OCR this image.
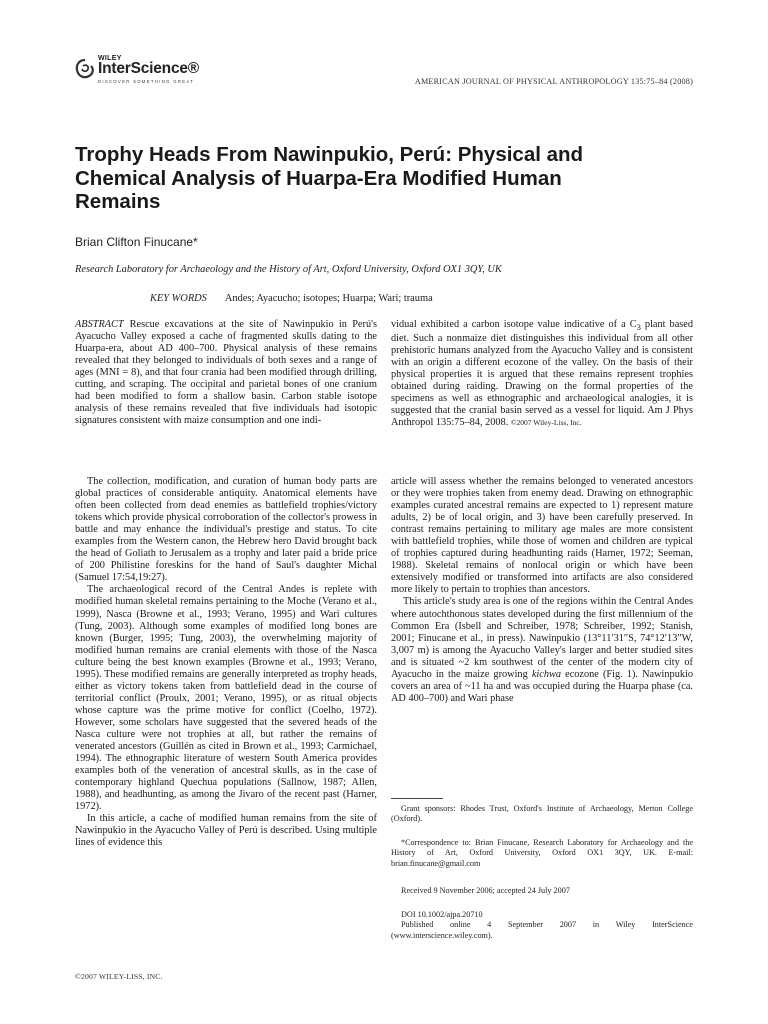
WILEY
InterScience®
DISCOVER SOMETHING GREAT	AMERICAN JOURNAL OF PHYSICAL ANTHROPOLOGY 135:75–84 (2008)
Trophy Heads From Nawinpukio, Perú: Physical and Chemical Analysis of Huarpa-Era Modified Human Remains
Brian Clifton Finucane*
Research Laboratory for Archaeology and the History of Art, Oxford University, Oxford OX1 3QY, UK
KEY WORDS Andes; Ayacucho; isotopes; Huarpa; Wari; trauma
ABSTRACT Rescue excavations at the site of Nawinpukio in Perú's Ayacucho Valley exposed a cache of fragmented skulls dating to the Huarpa-era, about AD 400–700. Physical analysis of these remains revealed that they belonged to individuals of both sexes and a range of ages (MNI = 8), and that four crania had been modified through drilling, cutting, and scraping. The occipital and parietal bones of one cranium had been modified to form a shallow basin. Carbon stable isotope analysis of these remains revealed that five individuals had isotopic signatures consistent with maize consumption and one indi-
vidual exhibited a carbon isotope value indicative of a $C_3$ plant based diet. Such a nonmaize diet distinguishes this individual from all other prehistoric humans analyzed from the Ayacucho Valley and is consistent with an origin a different ecozone of the valley. On the basis of their physical properties it is argued that these remains represent trophies obtained during raiding. Drawing on the formal properties of the specimens as well as ethnographic and archaeological analogies, it is suggested that the cranial basin served as a vessel for liquid. Am J Phys Anthropol 135:75–84, 2008. ©2007 Wiley-Liss, Inc.

The collection, modification, and curation of human body parts are global practices of considerable antiquity. Anatomical elements have often been collected from dead enemies as battlefield trophies/victory tokens which provide physical corroboration of the collector's prowess in battle and may enhance the individual's prestige and status. To cite examples from the Western canon, the Hebrew hero David brought back the head of Goliath to Jerusalem as a trophy and later paid a bride price of 200 Philistine foreskins for the hand of Saul's daughter Michal (Samuel 17:54,19:27).

The archaeological record of the Central Andes is replete with modified human skeletal remains pertaining to the Moche (Verano et al., 1999), Nasca (Browne et al., 1993; Verano, 1995) and Wari cultures (Tung, 2003). Although some examples of modified long bones are known (Burger, 1995; Tung, 2003), the overwhelming majority of modified human remains are cranial elements with those of the Nasca culture being the best known examples (Browne et al., 1993; Verano, 1995). These modified remains are generally interpreted as trophy heads, either as victory tokens taken from battlefield dead in the course of territorial conflict (Proulx, 2001; Verano, 1995), or as ritual objects whose capture was the prime motive for conflict (Coelho, 1972). However, some scholars have suggested that the severed heads of the Nasca culture were not trophies at all, but rather the remains of venerated ancestors (Guillén as cited in Brown et al., 1993; Carmichael, 1994). The ethnographic literature of western South America provides examples both of the veneration of ancestral skulls, as in the case of contemporary highland Quechua populations (Sallnow, 1987; Allen, 1988), and headhunting, as among the Jivaro of the recent past (Harner, 1972).

In this article, a cache of modified human remains from the site of Nawinpukio in the Ayacucho Valley of Perú is described. Using multiple lines of evidence this

article will assess whether the remains belonged to venerated ancestors or they were trophies taken from enemy dead. Drawing on ethnographic examples curated ancestral remains are expected to 1) represent mature adults, 2) be of local origin, and 3) have been carefully preserved. In contrast remains pertaining to military age males are more consistent with battlefield trophies, while those of women and children are typical of trophies captured during headhunting raids (Harner, 1972; Seeman, 1988). Skeletal remains of nonlocal origin or which have been extensively modified or transformed into artifacts are also considered more likely to pertain to trophies than ancestors.

This article's study area is one of the regions within the Central Andes where autochthonous states developed during the first millennium of the Common Era (Isbell and Schreiber, 1978; Schreiber, 1992; Stanish, 2001; Finucane et al., in press). Nawinpukio (13°11′31″S, 74°12′13″W, 3,007 m) is among the Ayacucho Valley's larger and better studied sites and is situated ~2 km southwest of the center of the modern city of Ayacucho in the maize growing kichwa ecozone (Fig. 1). Nawinpukio covers an area of ~11 ha and was occupied during the Huarpa phase (ca. AD 400–700) and Wari phase

Grant sponsors: Rhodes Trust, Oxford's Institute of Archaeology, Merton College (Oxford).

*Correspondence to: Brian Finucane, Research Laboratory for Archaeology and the History of Art, Oxford University, Oxford OX1 3QY, UK. E-mail: brian.finucane@gmail.com

Received 9 November 2006; accepted 24 July 2007

DOI 10.1002/ajpa.20710

Published online 4 September 2007 in Wiley InterScience (www.interscience.wiley.com).

©2007 WILEY-LISS, INC.
